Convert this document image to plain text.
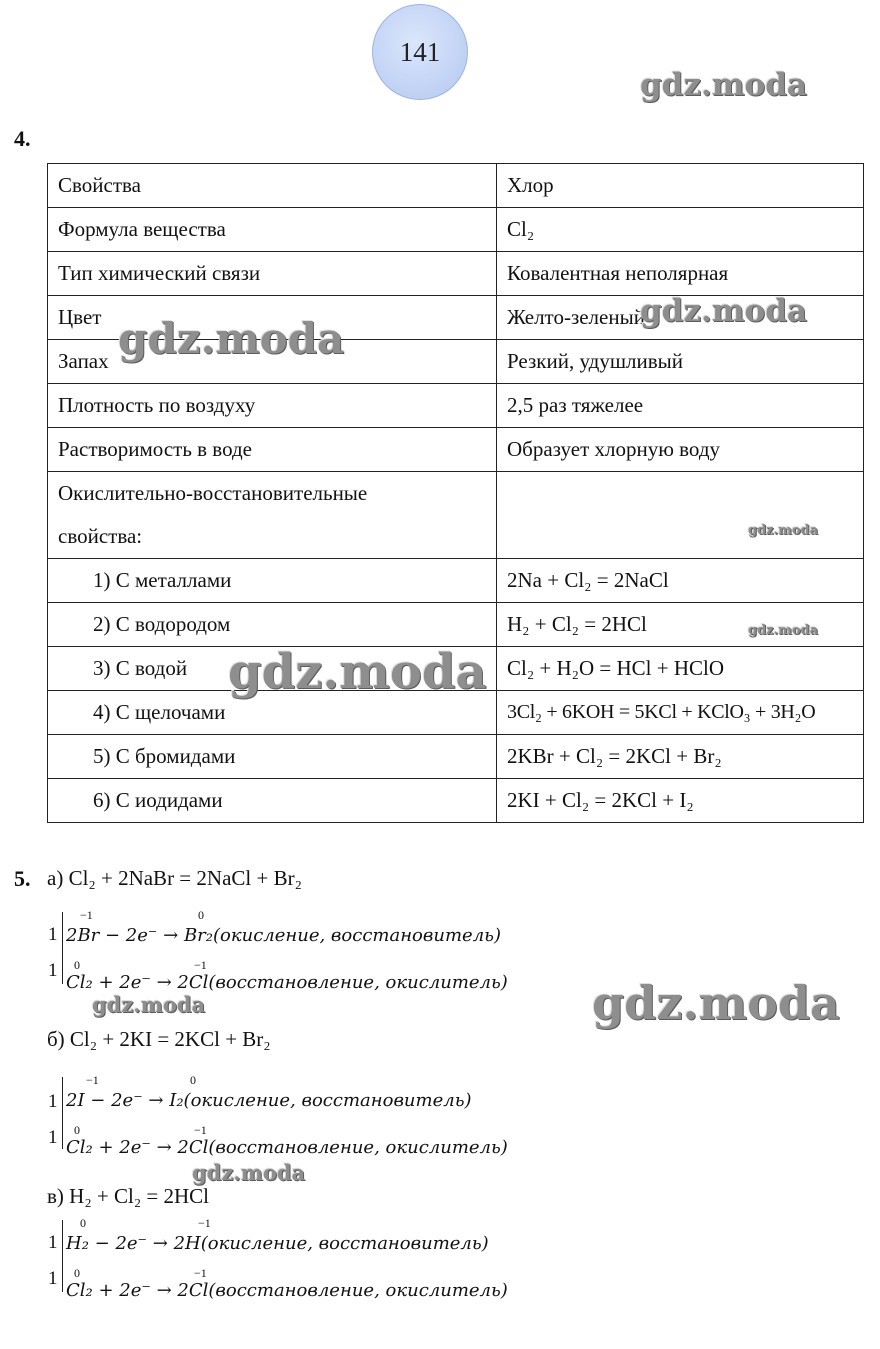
141
4.
Свойства	Хлор
Формула вещества	Cl₂
Тип химический связи	Ковалентная неполярная
Цвет	Желто-зеленый
Запах	Резкий, удушливый
Плотность по воздуху	2,5 раз тяжелее
Растворимость в воде	Образует хлорную воду

Окислительно-восстановительные
свойства:	

1) С металлами	2Na + Cl₂ = 2NaCl
2) С водородом	H₂ + Cl₂ = 2HCl
3) С водой	Cl₂ + H₂O = HCl + HClO
4) С щелочами	3Cl₂ + 6KOH = 5KCl + KClO₃ + 3H₂O
5) С бромидами	2KBr + Cl₂ = 2KCl + Br₂
6) С иодидами	2KI + Cl₂ = 2KCl + I₂
5. а) Cl₂ + 2NaBr = 2NaCl + Br₂
1
1
−1	0
2Br − 2e⁻ → Br₂(окисление, восстановитель)
0	−1
Cl₂ + 2e⁻ → 2Cl(восстановление, окислитель)
б) Cl₂ + 2KI = 2KCl + Br₂
1
1
−1	0
2I − 2e⁻ → I₂(окисление, восстановитель)
0	−1
Cl₂ + 2e⁻ → 2Cl(восстановление, окислитель)
в) H₂ + Cl₂ = 2HCl
1
1
0	−1
H₂ − 2e⁻ → 2H(окисление, восстановитель)
0	−1
Cl₂ + 2e⁻ → 2Cl(восстановление, окислитель)
gdz.moda
gdz.moda
gdz.moda
gdz.moda
gdz.moda
gdz.moda
gdz.moda
gdz.moda
gdz.moda
